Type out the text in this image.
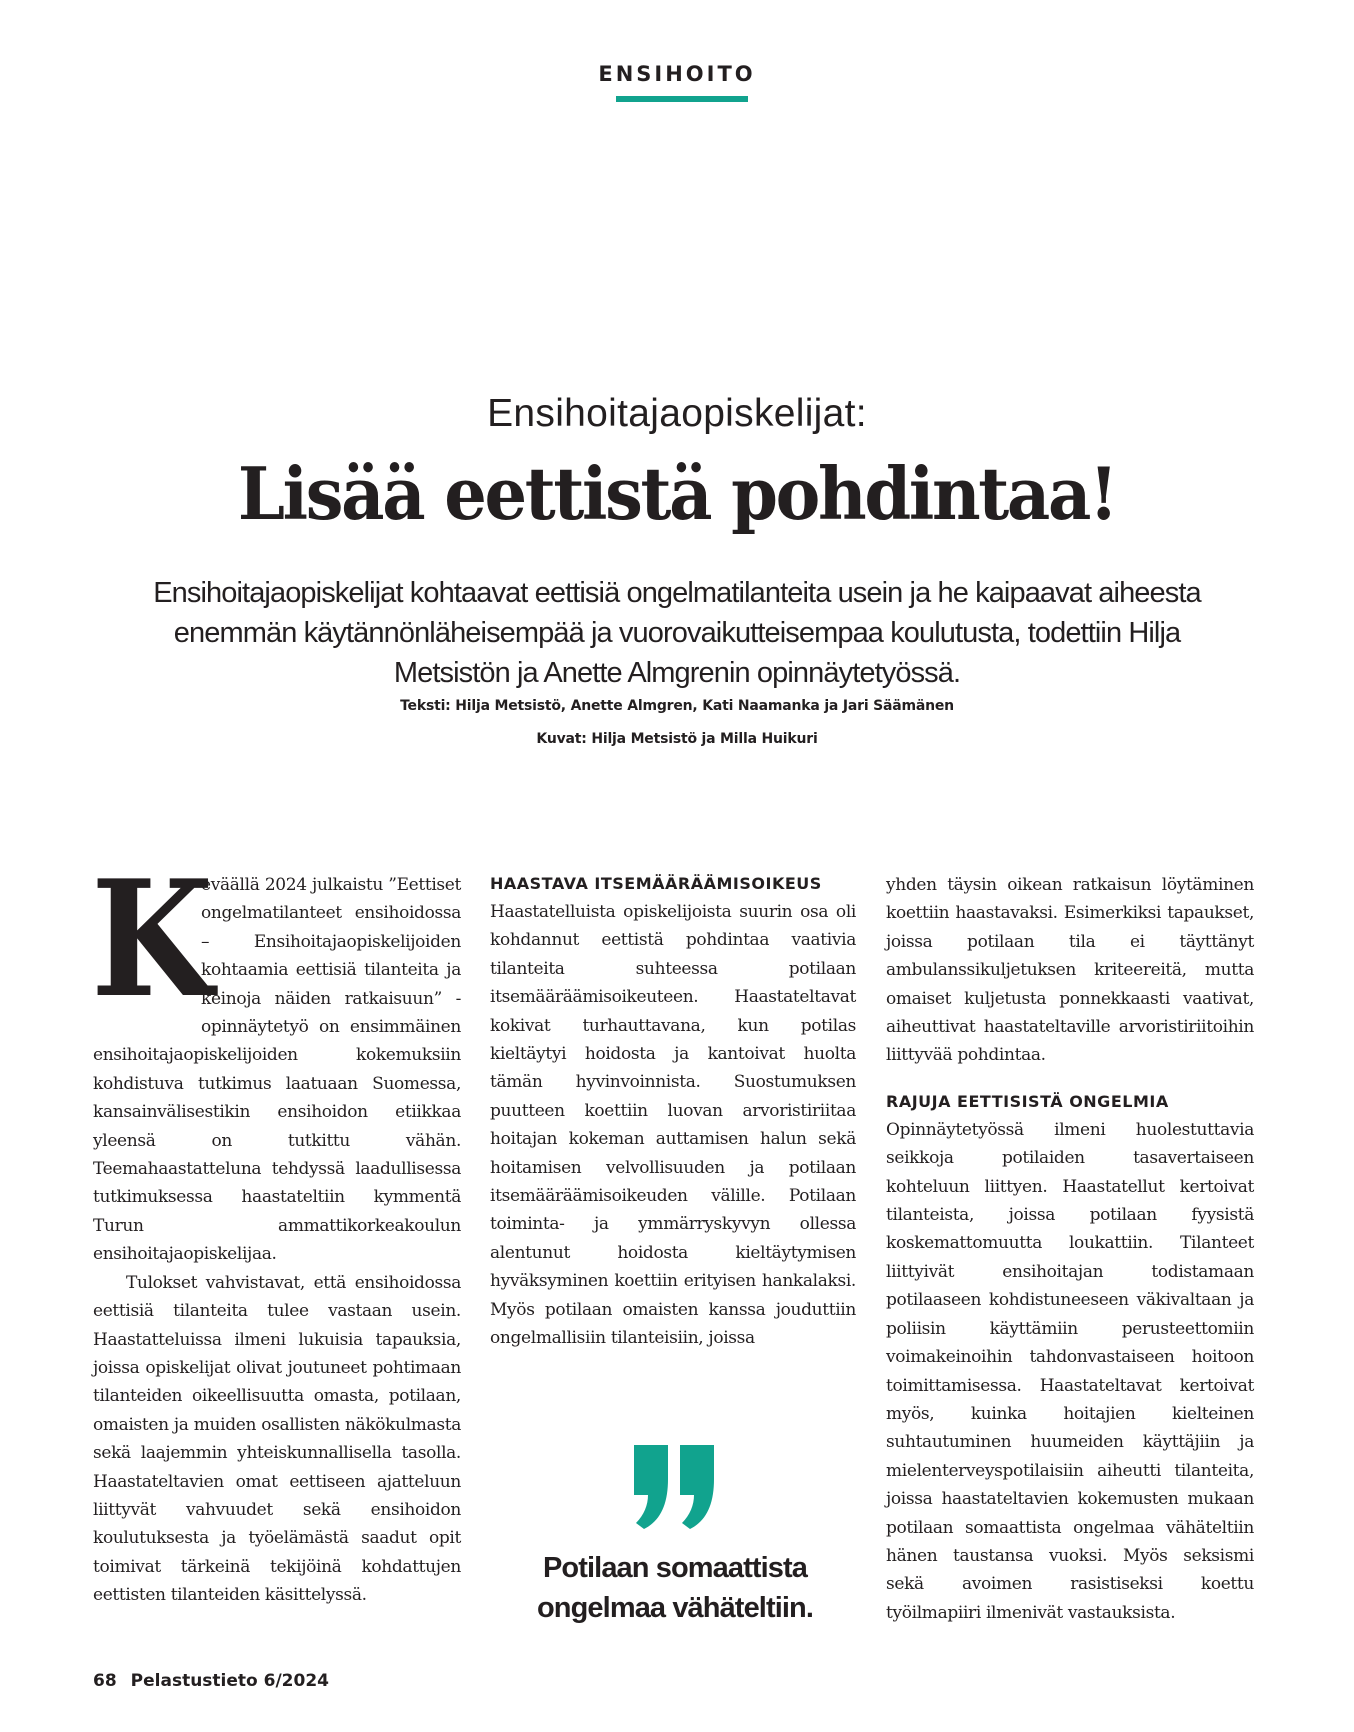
ENSIHOITO
Ensihoitajaopiskelijat:
Lisää eettistä pohdintaa!
Ensihoitajaopiskelijat kohtaavat eettisiä ongelmatilanteita usein ja he kaipaavat aiheesta enemmän käytännönläheisempää ja vuorovaikutteisempaa koulutusta, todettiin Hilja Metsistön ja Anette Almgrenin opinnäytetyössä.
Teksti: Hilja Metsistö, Anette Almgren, Kati Naamanka ja Jari Säämänen
Kuvat: Hilja Metsistö ja Milla Huikuri
K

eväällä 2024 julkaistu ”Eettiset ongelmatilanteet ensihoidossa – Ensihoitajaopiskelijoiden kohtaamia eettisiä tilanteita ja keinoja näiden ratkaisuun” -opinnäytetyö on ensimmäinen ensihoitajaopiskelijoiden kokemuksiin kohdistuva tutkimus laatuaan Suomessa, kansainvälisestikin ensihoidon etiikkaa yleensä on tutkittu vähän. Teemahaastatteluna tehdyssä laadullisessa tutkimuksessa haastateltiin kymmentä Turun ammattikorkeakoulun ensihoitajaopiskelijaa.

Tulokset vahvistavat, että ensihoidossa eettisiä tilanteita tulee vastaan usein. Haastatteluissa ilmeni lukuisia tapauksia, joissa opiskelijat olivat joutuneet pohtimaan tilanteiden oikeellisuutta omasta, potilaan, omaisten ja muiden osallisten näkökulmasta sekä laajemmin yhteiskunnallisella tasolla. Haastateltavien omat eettiseen ajatteluun liittyvät vahvuudet sekä ensihoidon koulutuksesta ja työelämästä saadut opit toimivat tärkeinä tekijöinä kohdattujen eettisten tilanteiden käsittelyssä.

HAASTAVA ITSEMÄÄRÄÄMISOIKEUS

Haastatelluista opiskelijoista suurin osa oli kohdannut eettistä pohdintaa vaativia tilanteita suhteessa potilaan itsemääräämisoikeuteen. Haastateltavat kokivat turhauttavana, kun potilas kieltäytyi hoidosta ja kantoivat huolta tämän hyvinvoinnista. Suostumuksen puutteen koettiin luovan arvoristiriitaa hoitajan kokeman auttamisen halun sekä hoitamisen velvollisuuden ja potilaan itsemääräämisoikeuden välille. Potilaan toiminta- ja ymmärryskyvyn ollessa alentunut hoidosta kieltäytymisen hyväksyminen koettiin erityisen hankalaksi. Myös potilaan omaisten kanssa jouduttiin ongelmallisiin tilanteisiin, joissa

yhden täysin oikean ratkaisun löytäminen koettiin haastavaksi. Esimerkiksi tapaukset, joissa potilaan tila ei täyttänyt ambulanssikuljetuksen kriteereitä, mutta omaiset kuljetusta ponnekkaasti vaativat, aiheuttivat haastateltaville arvoristiriitoihin liittyvää pohdintaa.

RAJUJA EETTISISTÄ ONGELMIA

Opinnäytetyössä ilmeni huolestuttavia seikkoja potilaiden tasavertaiseen kohteluun liittyen. Haastatellut kertoivat tilanteista, joissa potilaan fyysistä koskemattomuutta loukattiin. Tilanteet liittyivät ensihoitajan todistamaan potilaaseen kohdistuneeseen väkivaltaan ja poliisin käyttämiin perusteettomiin voimakeinoihin tahdonvastaiseen hoitoon toimittamisessa. Haastateltavat kertoivat myös, kuinka hoitajien kielteinen suhtautuminen huumeiden käyttäjiin ja mielenterveyspotilaisiin aiheutti tilanteita, joissa haastateltavien kokemusten mukaan potilaan somaattista ongelmaa vähäteltiin hänen taustansa vuoksi. Myös seksismi sekä avoimen rasistiseksi koettu työilmapiiri ilmenivät vastauksista.

Potilaan somaattista ongelmaa vähäteltiin.
68 Pelastustieto 6/2024
